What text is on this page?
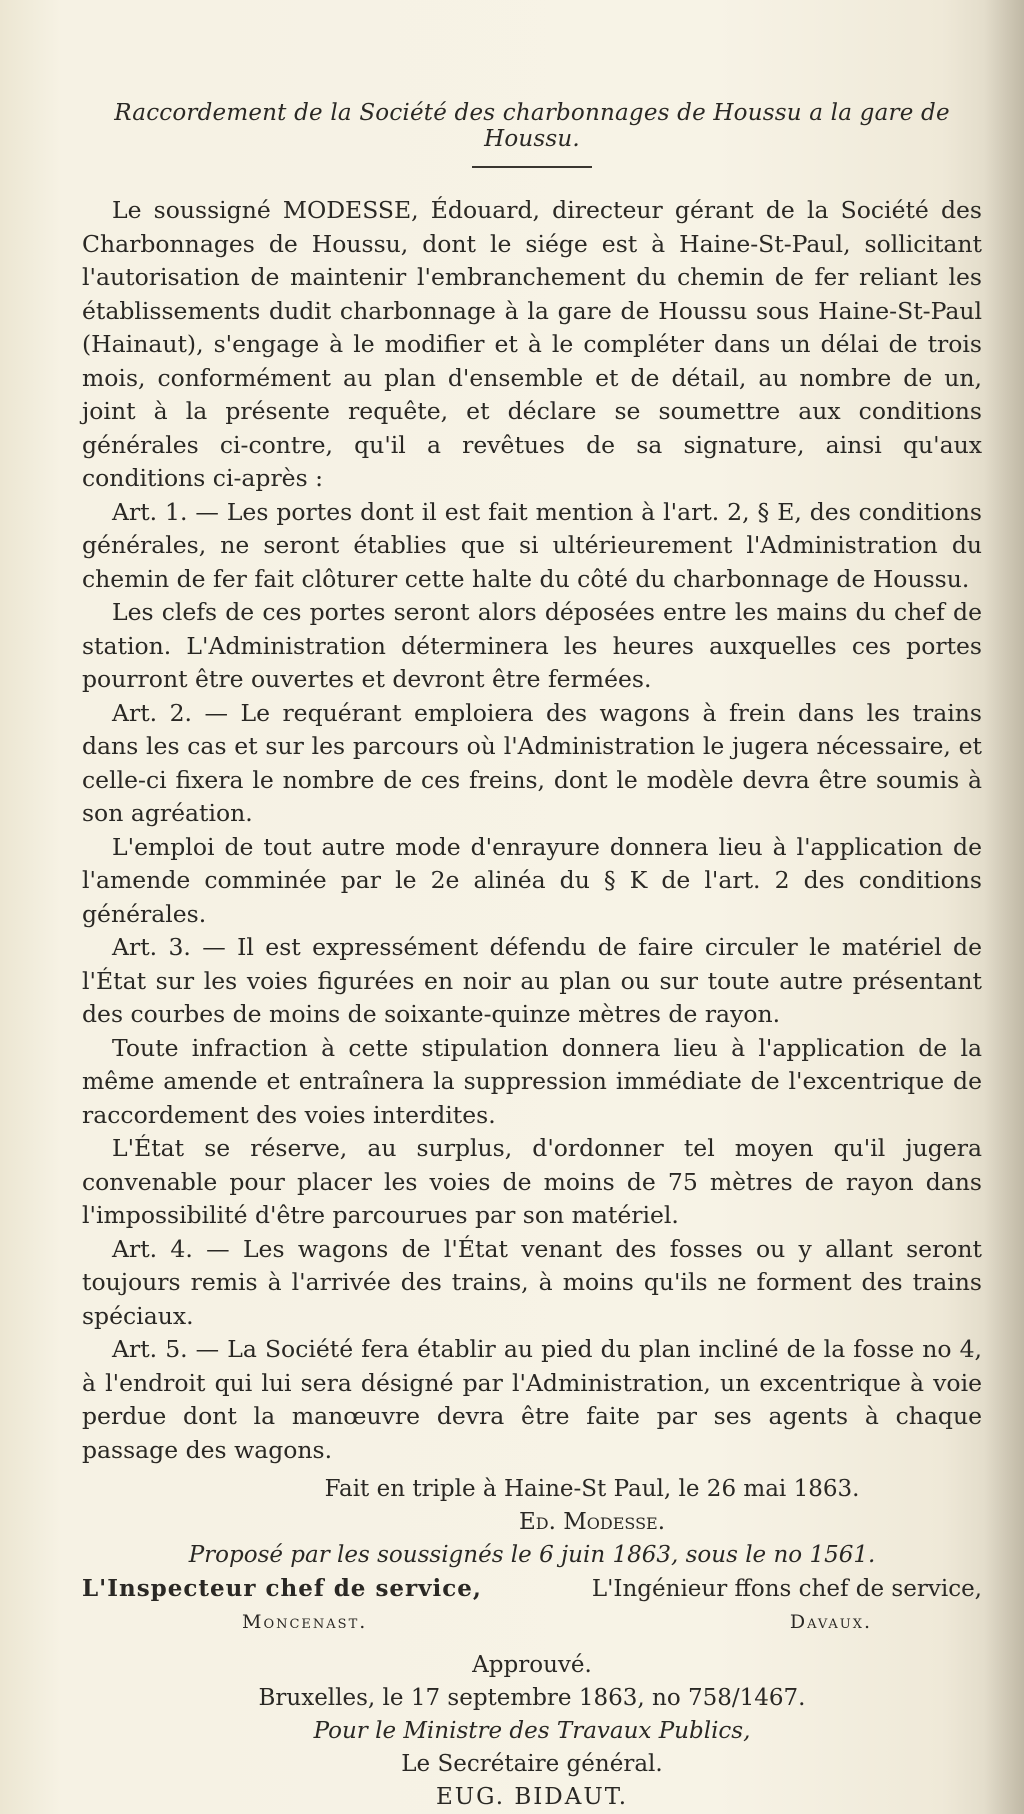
Raccordement de la Société des charbonnages de Houssu a la gare de Houssu.

Le soussigné MODESSE, Édouard, directeur gérant de la Société des Charbonnages de Houssu, dont le siége est à Haine-St-Paul, sollicitant l'autorisation de maintenir l'embranchement du chemin de fer reliant les établissements dudit charbonnage à la gare de Houssu sous Haine-St-Paul (Hainaut), s'engage à le modifier et à le compléter dans un délai de trois mois, conformément au plan d'ensemble et de détail, au nombre de un, joint à la présente requête, et déclare se soumettre aux conditions générales ci-contre, qu'il a revêtues de sa signature, ainsi qu'aux conditions ci-après :

Art. 1. — Les portes dont il est fait mention à l'art. 2, § E, des conditions générales, ne seront établies que si ultérieurement l'Administration du chemin de fer fait clôturer cette halte du côté du charbonnage de Houssu.

Les clefs de ces portes seront alors déposées entre les mains du chef de station. L'Administration déterminera les heures auxquelles ces portes pourront être ouvertes et devront être fermées.

Art. 2. — Le requérant emploiera des wagons à frein dans les trains dans les cas et sur les parcours où l'Administration le jugera nécessaire, et celle-ci fixera le nombre de ces freins, dont le modèle devra être soumis à son agréation.

L'emploi de tout autre mode d'enrayure donnera lieu à l'application de l'amende comminée par le 2e alinéa du § K de l'art. 2 des conditions générales.

Art. 3. — Il est expressément défendu de faire circuler le matériel de l'État sur les voies figurées en noir au plan ou sur toute autre présentant des courbes de moins de soixante-quinze mètres de rayon.

Toute infraction à cette stipulation donnera lieu à l'application de la même amende et entraînera la suppression immédiate de l'excentrique de raccordement des voies interdites.

L'État se réserve, au surplus, d'ordonner tel moyen qu'il jugera convenable pour placer les voies de moins de 75 mètres de rayon dans l'impossibilité d'être parcourues par son matériel.

Art. 4. — Les wagons de l'État venant des fosses ou y allant seront toujours remis à l'arrivée des trains, à moins qu'ils ne forment des trains spéciaux.

Art. 5. — La Société fera établir au pied du plan incliné de la fosse no 4, à l'endroit qui lui sera désigné par l'Administration, un excentrique à voie perdue dont la manœuvre devra être faite par ses agents à chaque passage des wagons.

Fait en triple à Haine-St Paul, le 26 mai 1863.
Ed. Modesse.
Proposé par les soussignés le 6 juin 1863, sous le no 1561.
L'Inspecteur chef de service,	L'Ingénieur ffons chef de service,
Moncenast.	Davaux.
Approuvé.
Bruxelles, le 17 septembre 1863, no 758/1467.
Pour le Ministre des Travaux Publics,
Le Secrétaire général.
EUG. BIDAUT.
